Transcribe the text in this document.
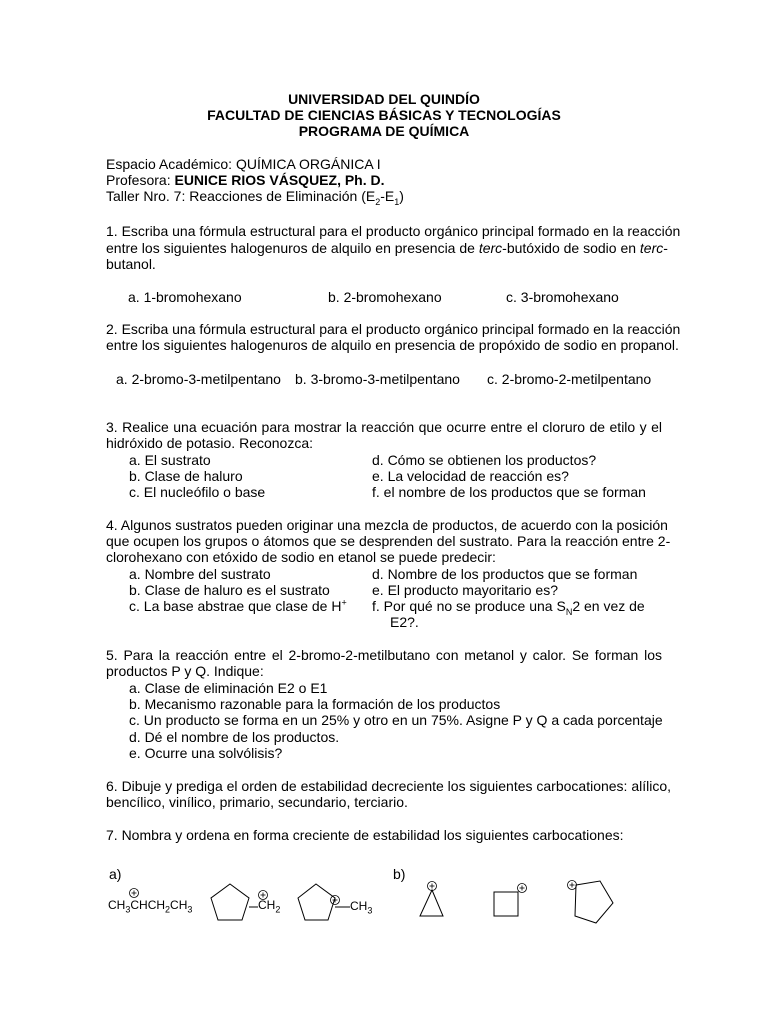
UNIVERSIDAD DEL QUINDÍO
FACULTAD DE CIENCIAS BÁSICAS Y TECNOLOGÍAS
PROGRAMA DE QUÍMICA
Espacio Académico: QUÍMICA ORGÁNICA I
Profesora: EUNICE RIOS VÁSQUEZ, Ph. D.
Taller Nro. 7: Reacciones de Eliminación $(E_2-E_1)$
1. Escriba una fórmula estructural para el producto orgánico principal formado en la reacción
entre los siguientes halogenuros de alquilo en presencia de terc-butóxido de sodio en terc-
butanol.
a. 1-bromohexano	b. 2-bromohexano	c. 3-bromohexano
2. Escriba una fórmula estructural para el producto orgánico principal formado en la reacción
entre los siguientes halogenuros de alquilo en presencia de propóxido de sodio en propanol.
a. 2-bromo-3-metilpentano b. 3-bromo-3-metilpentano c. 2-bromo-2-metilpentano
3. Realice una ecuación para mostrar la reacción que ocurre entre el cloruro de etilo y el
hidróxido de potasio. Reconozca:
a. El sustrato
b. Clase de haluro
c. El nucleófilo o base
d. Cómo se obtienen los productos?
e. La velocidad de reacción es?
f. el nombre de los productos que se forman
4. Algunos sustratos pueden originar una mezcla de productos, de acuerdo con la posición
que ocupen los grupos o átomos que se desprenden del sustrato. Para la reacción entre 2-
clorohexano con etóxido de sodio en etanol se puede predecir:
a. Nombre del sustrato
b. Clase de haluro es el sustrato
c. La base abstrae que clase de H+
d. Nombre de los productos que se forman
e. El producto mayoritario es?
f. Por qué no se produce una $S_N2$ en vez de
E2?.
5. Para la reacción entre el 2-bromo-2-metilbutano con metanol y calor. Se forman los
productos P y Q. Indique:
a. Clase de eliminación E2 o E1
b. Mecanismo razonable para la formación de los productos
c. Un producto se forma en un 25% y otro en un 75%. Asigne P y Q a cada porcentaje
d. Dé el nombre de los productos.
e. Ocurre una solvólisis?
6. Dibuje y prediga el orden de estabilidad decreciente los siguientes carbocationes: alílico,
bencílico, vinílico, primario, secundario, terciario.
7. Nombra y ordena en forma creciente de estabilidad los siguientes carbocationes:
a)	b)
$CH_3CHCH_2CH_3$	$CH_2$	$CH_3$
